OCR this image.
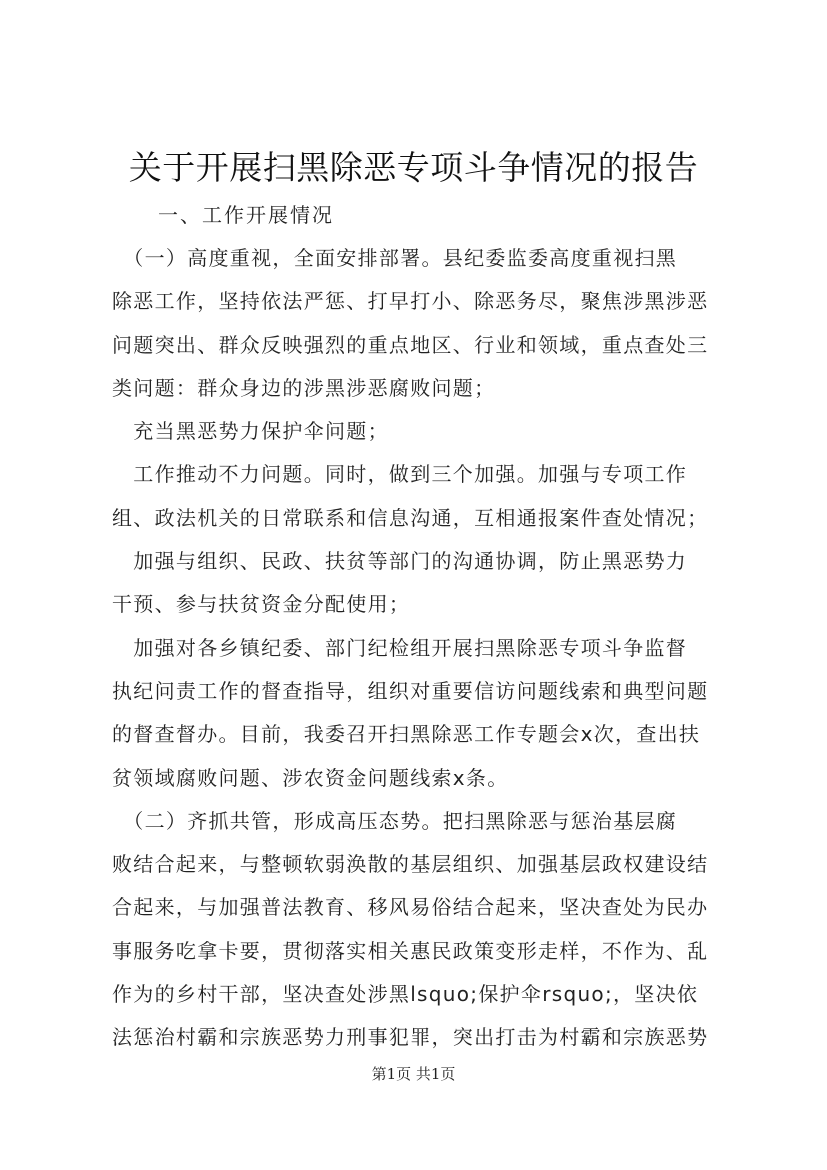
关于开展扫黑除恶专项斗争情况的报告
一、工作开展情况
　（一）高度重视，全面安排部署。县纪委监委高度重视扫黑
除恶工作，坚持依法严惩、打早打小、除恶务尽，聚焦涉黑涉恶
问题突出、群众反映强烈的重点地区、行业和领域，重点查处三
类问题：群众身边的涉黑涉恶腐败问题；
　充当黑恶势力保护伞问题；
　工作推动不力问题。同时，做到三个加强。加强与专项工作
组、政法机关的日常联系和信息沟通，互相通报案件查处情况；
　加强与组织、民政、扶贫等部门的沟通协调，防止黑恶势力
干预、参与扶贫资金分配使用；
　加强对各乡镇纪委、部门纪检组开展扫黑除恶专项斗争监督
执纪问责工作的督查指导，组织对重要信访问题线索和典型问题
的督查督办。目前，我委召开扫黑除恶工作专题会x次，查出扶
贫领域腐败问题、涉农资金问题线索x条。
　（二）齐抓共管，形成高压态势。把扫黑除恶与惩治基层腐
败结合起来，与整顿软弱涣散的基层组织、加强基层政权建设结
合起来，与加强普法教育、移风易俗结合起来，坚决查处为民办
事服务吃拿卡要，贯彻落实相关惠民政策变形走样，不作为、乱
作为的乡村干部，坚决查处涉黑lsquo;保护伞rsquo;，坚决依
法惩治村霸和宗族恶势力刑事犯罪，突出打击为村霸和宗族恶势
第1页 共1页
